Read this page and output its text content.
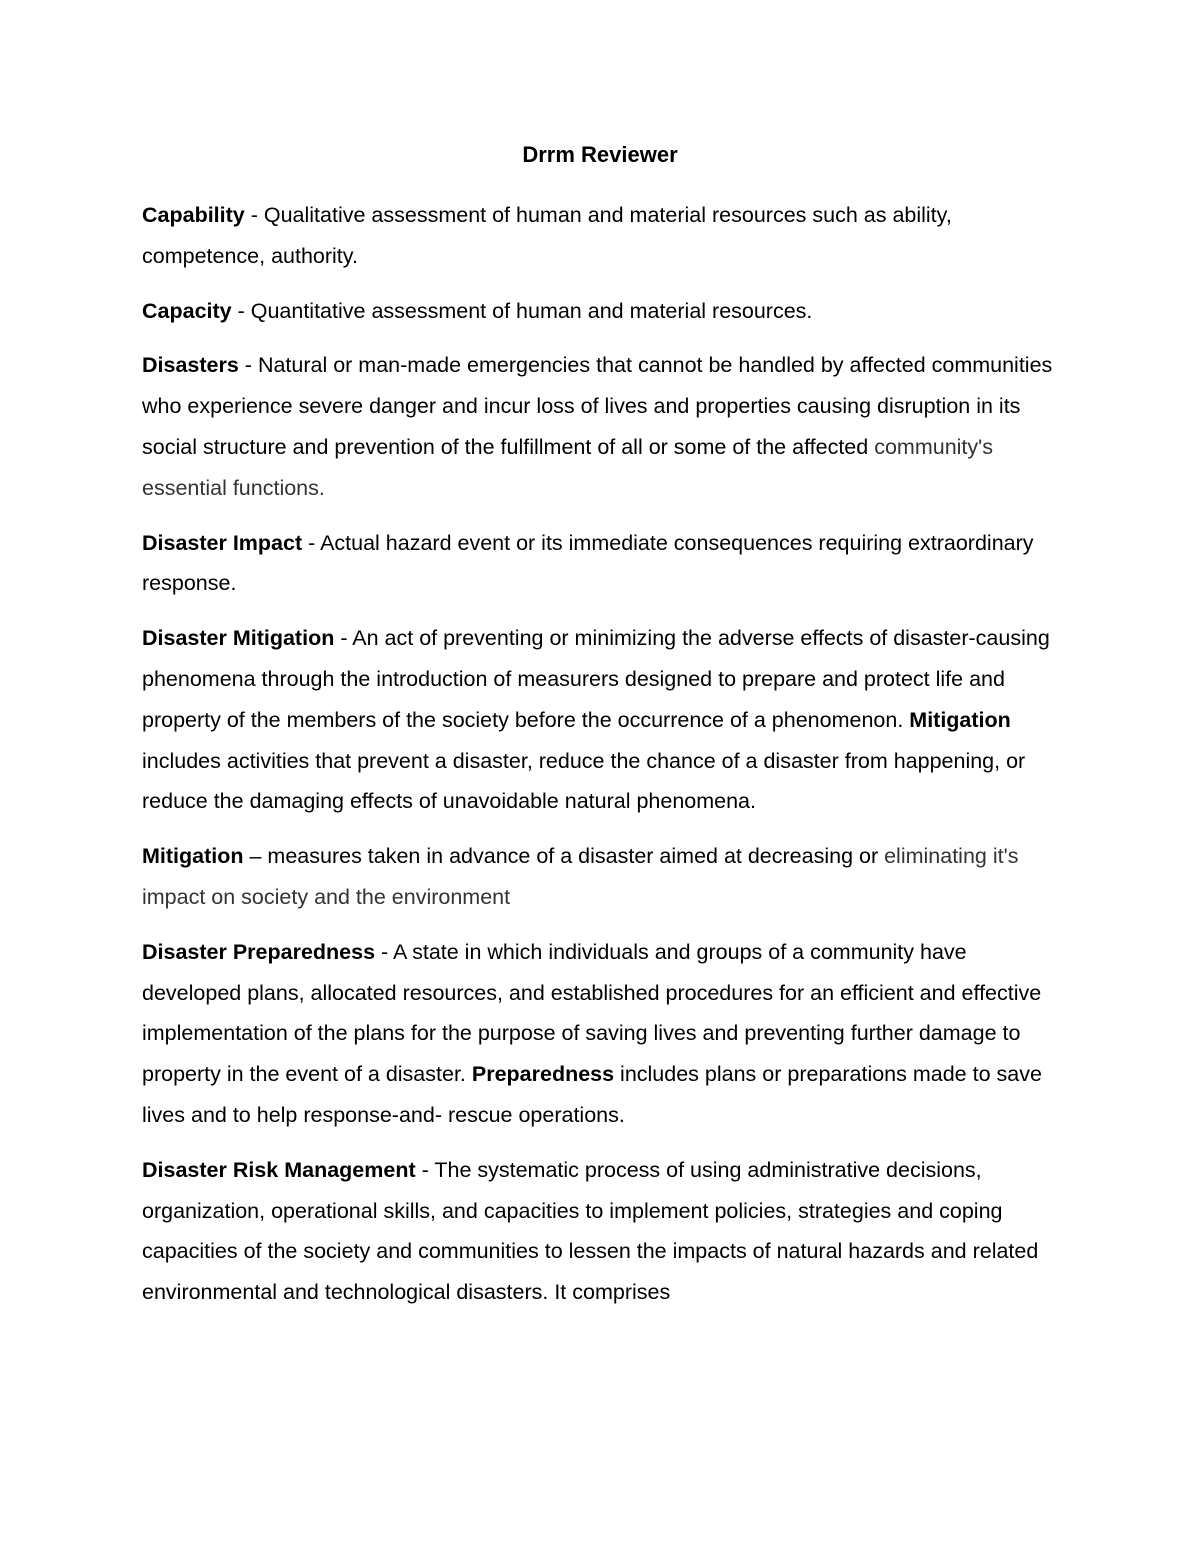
Drrm Reviewer

Capability - Qualitative assessment of human and material resources such as ability, competence, authority.

Capacity - Quantitative assessment of human and material resources.

Disasters - Natural or man-made emergencies that cannot be handled by affected communities who experience severe danger and incur loss of lives and properties causing disruption in its social structure and prevention of the fulfillment of all or some of the affected community's essential functions.

Disaster Impact - Actual hazard event or its immediate consequences requiring extraordinary response.

Disaster Mitigation - An act of preventing or minimizing the adverse effects of disaster-causing phenomena through the introduction of measurers designed to prepare and protect life and property of the members of the society before the occurrence of a phenomenon. Mitigation includes activities that prevent a disaster, reduce the chance of a disaster from happening, or reduce the damaging effects of unavoidable natural phenomena.

Mitigation – measures taken in advance of a disaster aimed at decreasing or eliminating it's impact on society and the environment

Disaster Preparedness - A state in which individuals and groups of a community have developed plans, allocated resources, and established procedures for an efficient and effective implementation of the plans for the purpose of saving lives and preventing further damage to property in the event of a disaster. Preparedness includes plans or preparations made to save lives and to help response-and- rescue operations.

Disaster Risk Management - The systematic process of using administrative decisions, organization, operational skills, and capacities to implement policies, strategies and coping capacities of the society and communities to lessen the impacts of natural hazards and related environmental and technological disasters. It comprises
